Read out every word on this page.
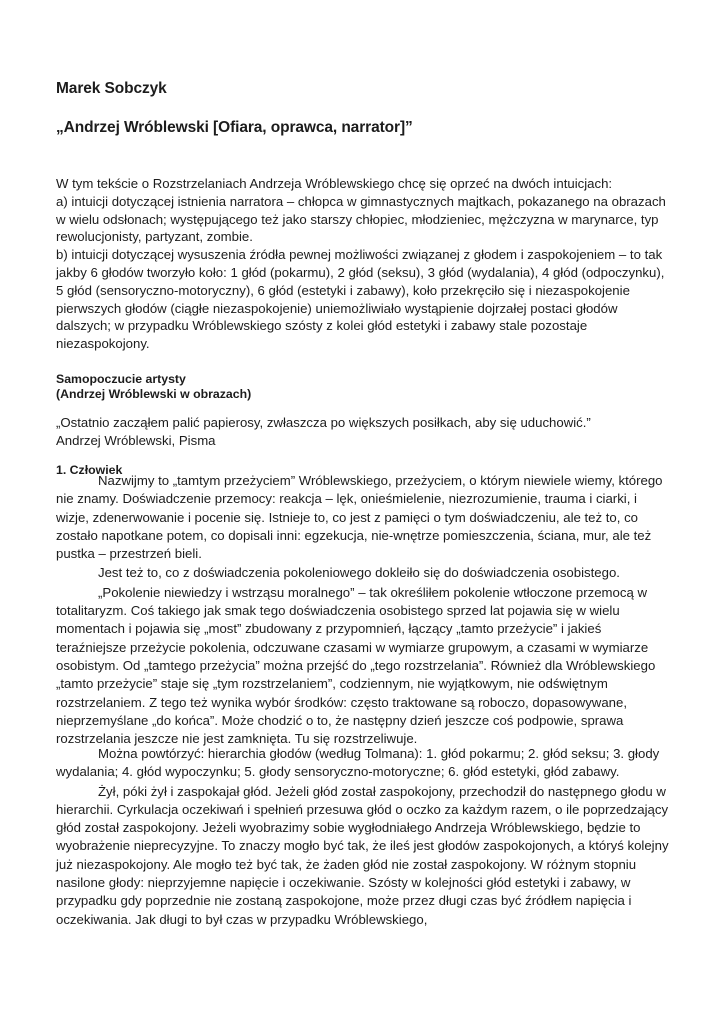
Marek Sobczyk
„Andrzej Wróblewski [Ofiara, oprawca, narrator]”

W tym tekście o Rozstrzelaniach Andrzeja Wróblewskiego chcę się oprzeć na dwóch intuicjach:

a) intuicji dotyczącej istnienia narratora – chłopca w gimnastycznych majtkach, pokazanego na obrazach w wielu odsłonach; występującego też jako starszy chłopiec, młodzieniec, mężczyzna w marynarce, typ rewolucjonisty, partyzant, zombie.

b) intuicji dotyczącej wysuszenia źródła pewnej możliwości związanej z głodem i zaspokojeniem – to tak jakby 6 głodów tworzyło koło: 1 głód (pokarmu), 2 głód (seksu), 3 głód (wydalania), 4 głód (odpoczynku), 5 głód (sensoryczno-motoryczny), 6 głód (estetyki i zabawy), koło przekręciło się i niezaspokojenie pierwszych głodów (ciągłe niezaspokojenie) uniemożliwiało wystąpienie dojrzałej postaci głodów dalszych; w przypadku Wróblewskiego szósty z kolei głód estetyki i zabawy stale pozostaje niezaspokojony.

Samopoczucie artysty
(Andrzej Wróblewski w obrazach)

„Ostatnio zacząłem palić papierosy, zwłaszcza po większych posiłkach, aby się uduchowić.”

Andrzej Wróblewski, Pisma

1. Człowiek

Nazwijmy to „tamtym przeżyciem” Wróblewskiego, przeżyciem, o którym niewiele wiemy, którego nie znamy. Doświadczenie przemocy: reakcja – lęk, onieśmielenie, niezrozumienie, trauma i ciarki, i wizje, zdenerwowanie i pocenie się. Istnieje to, co jest z pamięci o tym doświadczeniu, ale też to, co zostało napotkane potem, co dopisali inni: egzekucja, nie-wnętrze pomieszczenia, ściana, mur, ale też pustka – przestrzeń bieli.

Jest też to, co z doświadczenia pokoleniowego dokleiło się do doświadczenia osobistego.

„Pokolenie niewiedzy i wstrząsu moralnego” – tak określiłem pokolenie wtłoczone przemocą w totalitaryzm. Coś takiego jak smak tego doświadczenia osobistego sprzed lat pojawia się w wielu momentach i pojawia się „most” zbudowany z przypomnień, łączący „tamto przeżycie” i jakieś teraźniejsze przeżycie pokolenia, odczuwane czasami w wymiarze grupowym, a czasami w wymiarze osobistym. Od „tamtego przeżycia” można przejść do „tego rozstrzelania”. Również dla Wróblewskiego „tamto przeżycie” staje się „tym rozstrzelaniem”, codziennym, nie wyjątkowym, nie odświętnym rozstrzelaniem. Z tego też wynika wybór środków: często traktowane są roboczo, dopasowywane, nieprzemyślane „do końca”. Może chodzić o to, że następny dzień jeszcze coś podpowie, sprawa rozstrzelania jeszcze nie jest zamknięta. Tu się rozstrzeliwuje.

Można powtórzyć: hierarchia głodów (według Tolmana): 1. głód pokarmu; 2. głód seksu; 3. głody wydalania; 4. głód wypoczynku; 5. głody sensoryczno-motoryczne; 6. głód estetyki, głód zabawy.

Żył, póki żył i zaspokajał głód. Jeżeli głód został zaspokojony, przechodził do następnego głodu w hierarchii. Cyrkulacja oczekiwań i spełnień przesuwa głód o oczko za każdym razem, o ile poprzedzający głód został zaspokojony. Jeżeli wyobrazimy sobie wygłodniałego Andrzeja Wróblewskiego, będzie to wyobrażenie nieprecyzyjne. To znaczy mogło być tak, że ileś jest głodów zaspokojonych, a któryś kolejny już niezaspokojony. Ale mogło też być tak, że żaden głód nie został zaspokojony. W różnym stopniu nasilone głody: nieprzyjemne napięcie i oczekiwanie. Szósty w kolejności głód estetyki i zabawy, w przypadku gdy poprzednie nie zostaną zaspokojone, może przez długi czas być źródłem napięcia i oczekiwania. Jak długi to był czas w przypadku Wróblewskiego,
